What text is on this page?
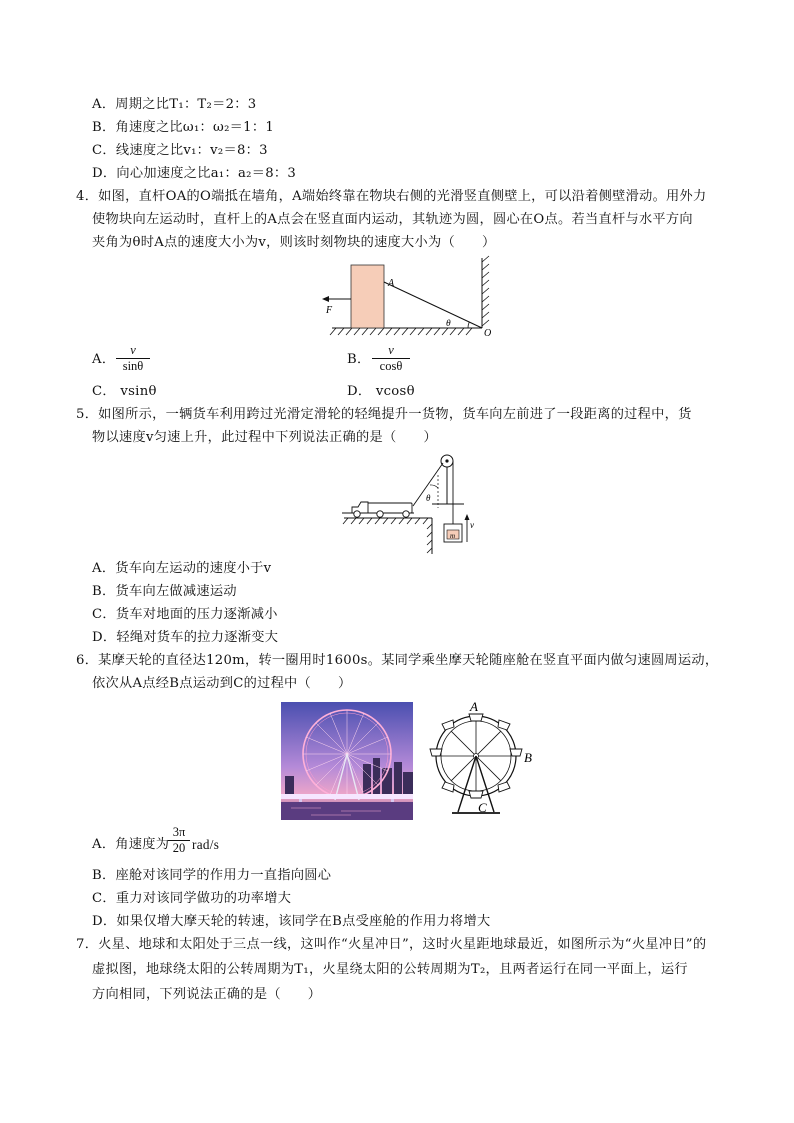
A．周期之比T₁：T₂＝2：3
B．角速度之比ω₁：ω₂＝1：1
C．线速度之比v₁：v₂＝8：3
D．向心加速度之比a₁：a₂＝8：3
4．如图，直杆OA的O端抵在墙角，A端始终靠在物块右侧的光滑竖直侧壁上，可以沿着侧壁滑动。用外力
使物块向左运动时，直杆上的A点会在竖直面内运动，其轨迹为圆，圆心在O点。若当直杆与水平方向
夹角为θ时A点的速度大小为v，则该时刻物块的速度大小为（　　）
F
A
θ
O
A． $\frac{v}{\sin\theta}$	B． $\frac{v}{\cos\theta}$
C． vsinθ	D． vcosθ
5．如图所示，一辆货车利用跨过光滑定滑轮的轻绳提升一货物，货车向左前进了一段距离的过程中，货
物以速度v匀速上升，此过程中下列说法正确的是（　　）
θ
m
v
A．货车向左运动的速度小于v
B．货车向左做减速运动
C．货车对地面的压力逐渐减小
D．轻绳对货车的拉力逐渐变大
6．某摩天轮的直径达120m，转一圈用时1600s。某同学乘坐摩天轮随座舱在竖直平面内做匀速圆周运动，
依次从A点经B点运动到C的过程中（　　）
A
B
C
A．角速度为
$\frac{3\pi}{20} rad/s$
B．座舱对该同学的作用力一直指向圆心
C．重力对该同学做功的功率增大
D．如果仅增大摩天轮的转速，该同学在B点受座舱的作用力将增大
7．火星、地球和太阳处于三点一线，这叫作“火星冲日”，这时火星距地球最近，如图所示为“火星冲日”的
虚拟图，地球绕太阳的公转周期为T₁，火星绕太阳的公转周期为T₂，且两者运行在同一平面上，运行
方向相同，下列说法正确的是（　　）
